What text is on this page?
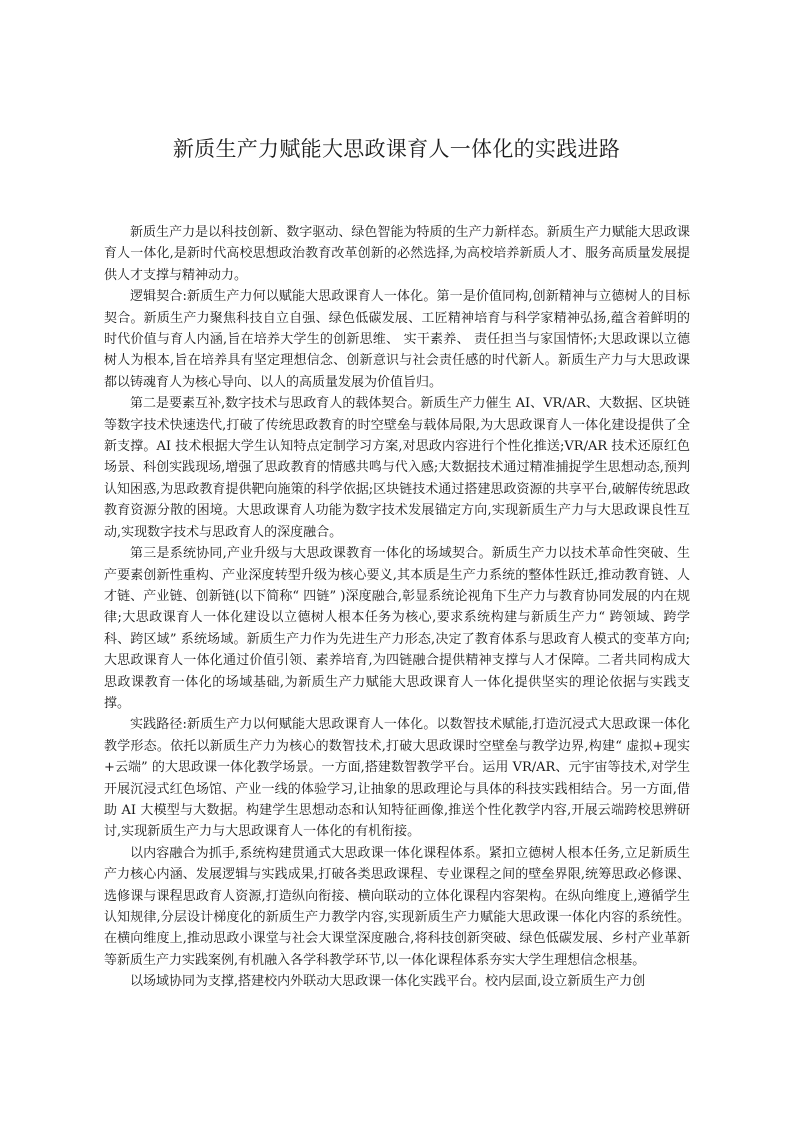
新质生产力赋能大思政课育人一体化的实践进路

新质生产力是以科技创新、数字驱动、绿色智能为特质的生产力新样态。新质生产力赋能大思政课育人一体化,是新时代高校思想政治教育改革创新的必然选择,为高校培养新质人才、服务高质量发展提供人才支撑与精神动力。

逻辑契合:新质生产力何以赋能大思政课育人一体化。第一是价值同构,创新精神与立德树人的目标契合。新质生产力聚焦科技自立自强、绿色低碳发展、工匠精神培育与科学家精神弘扬,蕴含着鲜明的时代价值与育人内涵,旨在培养大学生的创新思维、 实干素养、 责任担当与家国情怀;大思政课以立德树人为根本,旨在培养具有坚定理想信念、创新意识与社会责任感的时代新人。新质生产力与大思政课都以铸魂育人为核心导向、以人的高质量发展为价值旨归。

第二是要素互补,数字技术与思政育人的载体契合。新质生产力催生 AI、VR/AR、大数据、区块链等数字技术快速迭代,打破了传统思政教育的时空壁垒与载体局限,为大思政课育人一体化建设提供了全新支撑。AI 技术根据大学生认知特点定制学习方案,对思政内容进行个性化推送;VR/AR 技术还原红色场景、科创实践现场,增强了思政教育的情感共鸣与代入感;大数据技术通过精准捕捉学生思想动态,预判认知困惑,为思政教育提供靶向施策的科学依据;区块链技术通过搭建思政资源的共享平台,破解传统思政教育资源分散的困境。大思政课育人功能为数字技术发展锚定方向,实现新质生产力与大思政课良性互动,实现数字技术与思政育人的深度融合。

第三是系统协同,产业升级与大思政课教育一体化的场域契合。新质生产力以技术革命性突破、生产要素创新性重构、产业深度转型升级为核心要义,其本质是生产力系统的整体性跃迁,推动教育链、人才链、产业链、创新链(以下简称“ 四链” )深度融合,彰显系统论视角下生产力与教育协同发展的内在规律;大思政课育人一体化建设以立德树人根本任务为核心,要求系统构建与新质生产力“ 跨领域、跨学科、跨区域” 系统场域。新质生产力作为先进生产力形态,决定了教育体系与思政育人模式的变革方向;大思政课育人一体化通过价值引领、素养培育,为四链融合提供精神支撑与人才保障。二者共同构成大思政课教育一体化的场域基础,为新质生产力赋能大思政课育人一体化提供坚实的理论依据与实践支撑。

实践路径:新质生产力以何赋能大思政课育人一体化。以数智技术赋能,打造沉浸式大思政课一体化教学形态。依托以新质生产力为核心的数智技术,打破大思政课时空壁垒与教学边界,构建“ 虚拟+现实+云端” 的大思政课一体化教学场景。一方面,搭建数智教学平台。运用 VR/AR、元宇宙等技术,对学生开展沉浸式红色场馆、产业一线的体验学习,让抽象的思政理论与具体的科技实践相结合。另一方面,借助 AI 大模型与大数据。构建学生思想动态和认知特征画像,推送个性化教学内容,开展云端跨校思辨研讨,实现新质生产力与大思政课育人一体化的有机衔接。

以内容融合为抓手,系统构建贯通式大思政课一体化课程体系。紧扣立德树人根本任务,立足新质生产力核心内涵、发展逻辑与实践成果,打破各类思政课程、专业课程之间的壁垒界限,统筹思政必修课、选修课与课程思政育人资源,打造纵向衔接、横向联动的立体化课程内容架构。在纵向维度上,遵循学生认知规律,分层设计梯度化的新质生产力教学内容,实现新质生产力赋能大思政课一体化内容的系统性。在横向维度上,推动思政小课堂与社会大课堂深度融合,将科技创新突破、绿色低碳发展、乡村产业革新等新质生产力实践案例,有机融入各学科教学环节,以一体化课程体系夯实大学生理想信念根基。

以场域协同为支撑,搭建校内外联动大思政课一体化实践平台。校内层面,设立新质生产力创
